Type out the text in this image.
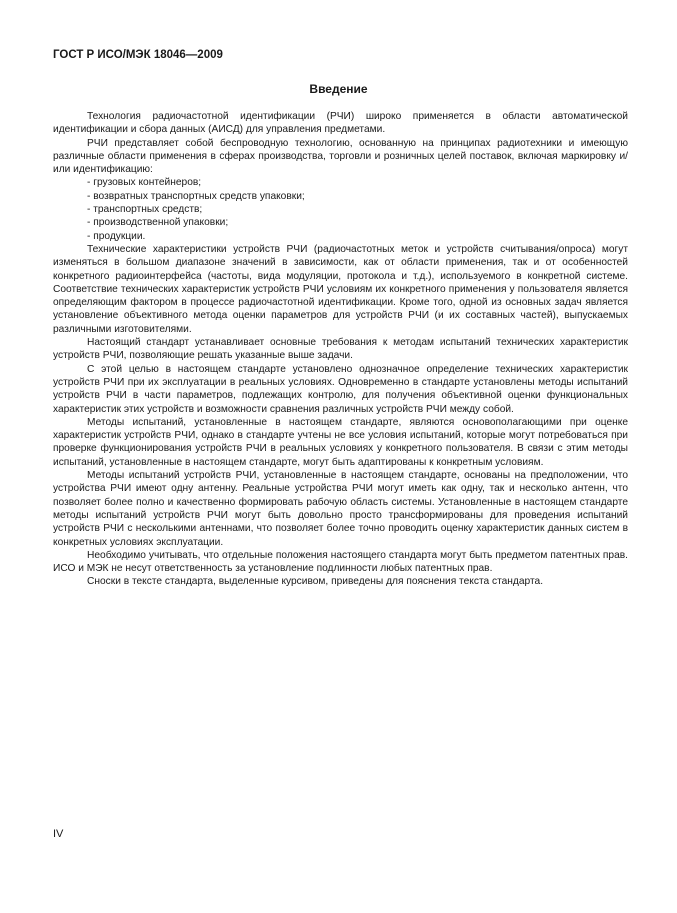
ГОСТ Р ИСО/МЭК 18046—2009
Введение

Технология радиочастотной идентификации (РЧИ) широко применяется в области автоматической идентификации и сбора данных (АИСД) для управления предметами.

РЧИ представляет собой беспроводную технологию, основанную на принципах радиотехники и имеющую различные области применения в сферах производства, торговли и розничных целей поставок, включая маркировку и/или идентификацию:

- грузовых контейнеров;
- возвратных транспортных средств упаковки;
- транспортных средств;
- производственной упаковки;
- продукции.

Технические характеристики устройств РЧИ (радиочастотных меток и устройств считывания/опроса) могут изменяться в большом диапазоне значений в зависимости, как от области применения, так и от особенностей конкретного радиоинтерфейса (частоты, вида модуляции, протокола и т.д.), используемого в конкретной системе. Соответствие технических характеристик устройств РЧИ условиям их конкретного применения у пользователя является определяющим фактором в процессе радиочастотной идентификации. Кроме того, одной из основных задач является установление объективного метода оценки параметров для устройств РЧИ (и их составных частей), выпускаемых различными изготовителями.

Настоящий стандарт устанавливает основные требования к методам испытаний технических характеристик устройств РЧИ, позволяющие решать указанные выше задачи.

С этой целью в настоящем стандарте установлено однозначное определение технических характеристик устройств РЧИ при их эксплуатации в реальных условиях. Одновременно в стандарте установлены методы испытаний устройств РЧИ в части параметров, подлежащих контролю, для получения объективной оценки функциональных характеристик этих устройств и возможности сравнения различных устройств РЧИ между собой.

Методы испытаний, установленные в настоящем стандарте, являются основополагающими при оценке характеристик устройств РЧИ, однако в стандарте учтены не все условия испытаний, которые могут потребоваться при проверке функционирования устройств РЧИ в реальных условиях у конкретного пользователя. В связи с этим методы испытаний, установленные в настоящем стандарте, могут быть адаптированы к конкретным условиям.

Методы испытаний устройств РЧИ, установленные в настоящем стандарте, основаны на предположении, что устройства РЧИ имеют одну антенну. Реальные устройства РЧИ могут иметь как одну, так и несколько антенн, что позволяет более полно и качественно формировать рабочую область системы. Установленные в настоящем стандарте методы испытаний устройств РЧИ могут быть довольно просто трансформированы для проведения испытаний устройств РЧИ с несколькими антеннами, что позволяет более точно проводить оценку характеристик данных систем в конкретных условиях эксплуатации.

Необходимо учитывать, что отдельные положения настоящего стандарта могут быть предметом патентных прав. ИСО и МЭК не несут ответственность за установление подлинности любых патентных прав.

Сноски в тексте стандарта, выделенные курсивом, приведены для пояснения текста стандарта.

IV
